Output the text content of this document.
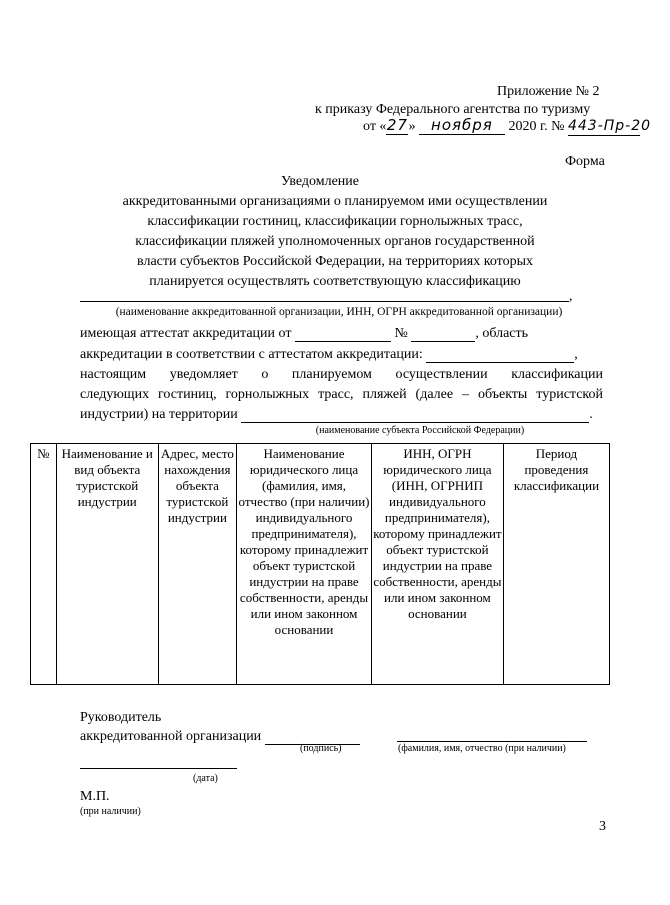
Приложение № 2
к приказу Федерального агентства по туризму
от «27» ноября 2020 г. № 443-Пр-20
Форма
Уведомление
аккредитованными организациями о планируемом ими осуществлении
классификации гостиниц, классификации горнолыжных трасс,
классификации пляжей уполномоченных органов государственной
власти субъектов Российской Федерации, на территориях которых
планируется осуществлять соответствующую классификацию
,
(наименование аккредитованной организации, ИНН, ОГРН аккредитованной организации)
имеющая аттестат аккредитации от	№	, область
аккредитации в соответствии с аттестатом аккредитации:	,
настоящим уведомляет о планируемом осуществлении классификации
следующих гостиниц, горнолыжных трасс, пляжей (далее – объекты туристской
индустрии) на территории	.
(наименование субъекта Российской Федерации)
№	Наименование и вид объекта туристской индустрии	Адрес, место нахождения объекта туристской индустрии	Наименование юридического лица (фамилия, имя, отчество (при наличии) индивидуального предпринимателя), которому принадлежит объект туристской индустрии на праве собственности, аренды или ином законном основании	ИНН, ОГРН юридического лица (ИНН, ОГРНИП индивидуального предпринимателя), которому принадлежит объект туристской индустрии на праве собственности, аренды или ином законном основании	Период проведения классификации
Руководитель
аккредитованной организации
(подпись)	(фамилия, имя, отчество (при наличии)
(дата)
М.П.
(при наличии)
3
